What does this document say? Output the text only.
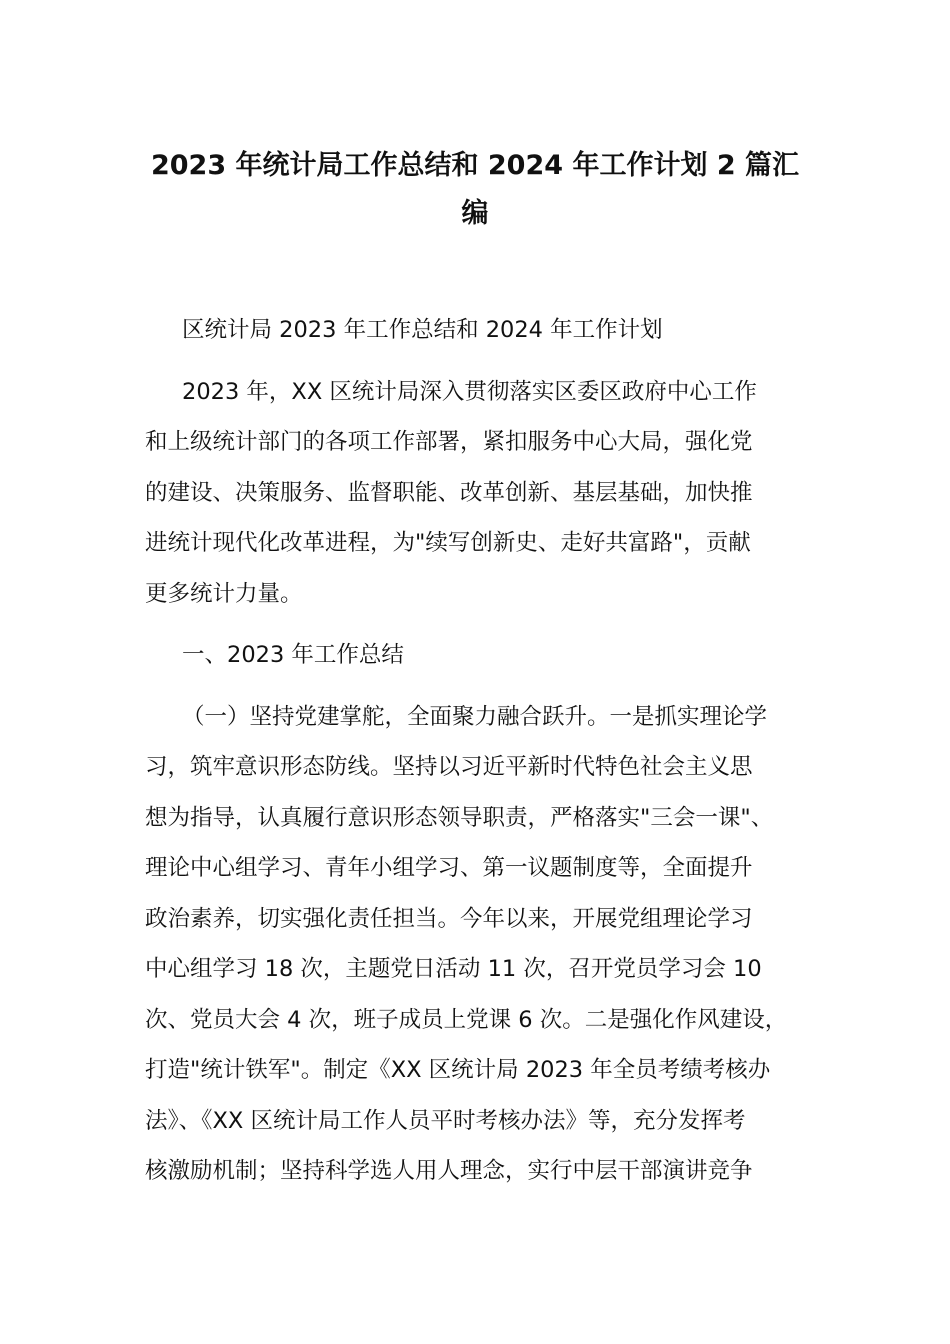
2023 年统计局工作总结和 2024 年工作计划 2 篇汇
编

区统计局 2023 年工作总结和 2024 年工作计划

2023 年，XX 区统计局深入贯彻落实区委区政府中心工作
和上级统计部门的各项工作部署，紧扣服务中心大局，强化党
的建设、决策服务、监督职能、改革创新、基层基础，加快推
进统计现代化改革进程，为"续写创新史、走好共富路"，贡献
更多统计力量。

一、2023 年工作总结

（一）坚持党建掌舵，全面聚力融合跃升。一是抓实理论学
习，筑牢意识形态防线。坚持以习近平新时代特色社会主义思
想为指导，认真履行意识形态领导职责，严格落实"三会一课"、
理论中心组学习、青年小组学习、第一议题制度等，全面提升
政治素养，切实强化责任担当。今年以来，开展党组理论学习
中心组学习 18 次，主题党日活动 11 次，召开党员学习会 10
次、党员大会 4 次，班子成员上党课 6 次。二是强化作风建设，
打造"统计铁军"。制定《XX 区统计局 2023 年全员考绩考核办
法》、《XX 区统计局工作人员平时考核办法》等，充分发挥考
核激励机制；坚持科学选人用人理念，实行中层干部演讲竞争
